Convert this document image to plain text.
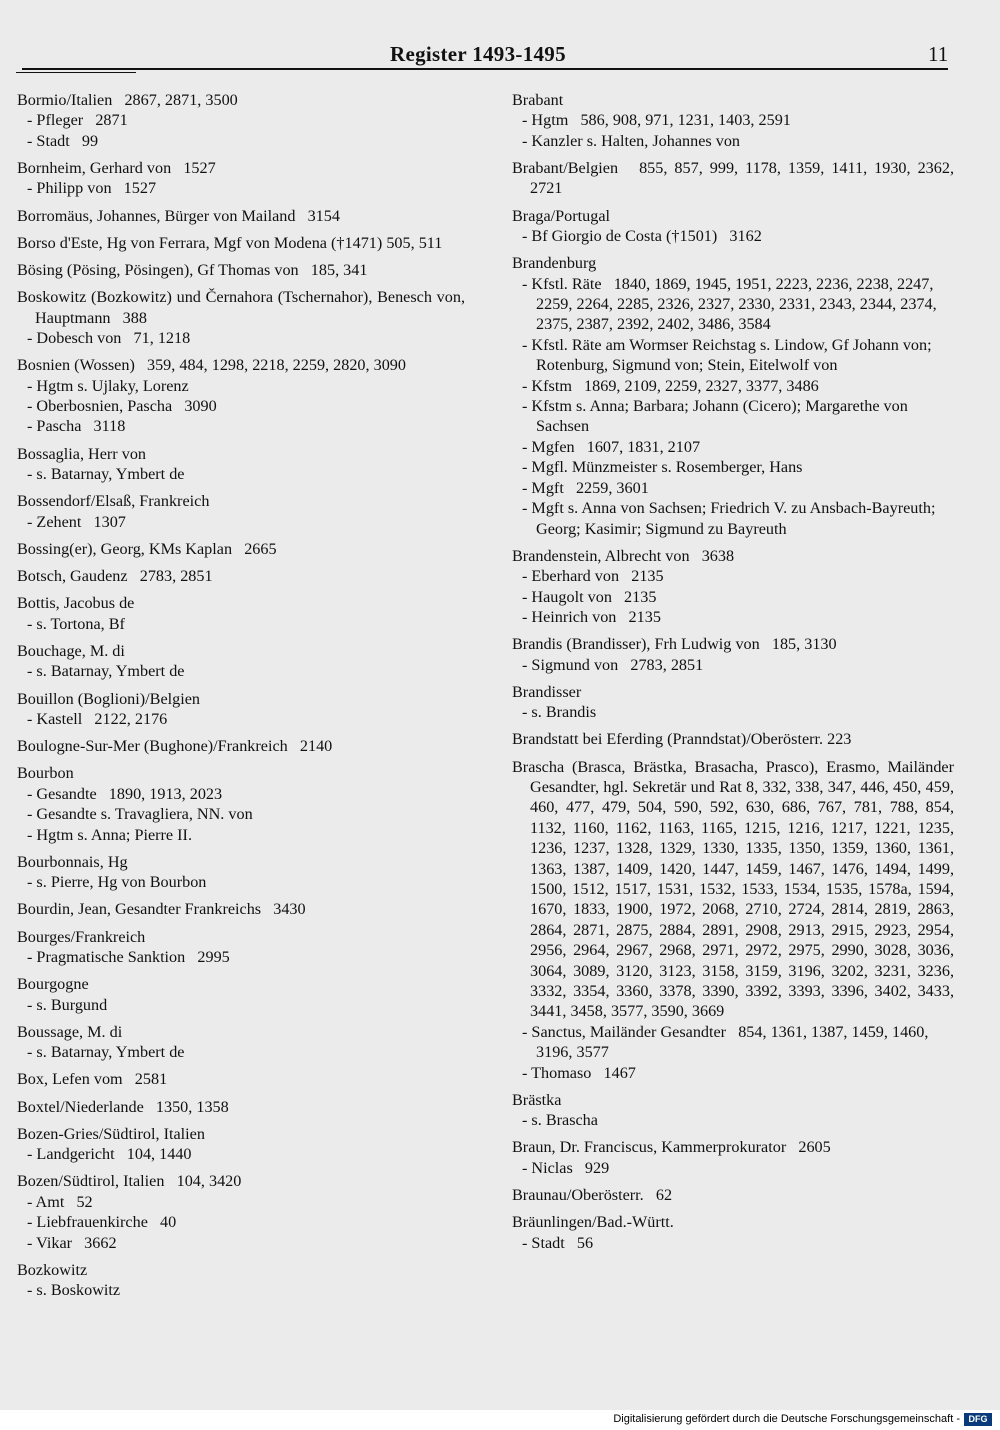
Register 1493-1495	11
Bormio/Italien   2867, 2871, 3500
- Pfleger   2871
- Stadt   99
Bornheim, Gerhard von   1527
- Philipp von   1527
Borromäus, Johannes, Bürger von Mailand   3154
Borso d'Este, Hg von Ferrara, Mgf von Modena (†1471) 505, 511
Bösing (Pösing, Pösingen), Gf Thomas von   185, 341
Boskowitz (Bozkowitz) und Černahora (Tschernahor), Benesch von, Hauptmann   388
- Dobesch von   71, 1218
Bosnien (Wossen)   359, 484, 1298, 2218, 2259, 2820, 3090
- Hgtm s. Ujlaky, Lorenz
- Oberbosnien, Pascha   3090
- Pascha   3118
Bossaglia, Herr von
- s. Batarnay, Ymbert de
Bossendorf/Elsaß, Frankreich
- Zehent   1307
Bossing(er), Georg, KMs Kaplan   2665
Botsch, Gaudenz   2783, 2851
Bottis, Jacobus de
- s. Tortona, Bf
Bouchage, M. di
- s. Batarnay, Ymbert de
Bouillon (Boglioni)/Belgien
- Kastell   2122, 2176
Boulogne-Sur-Mer (Bughone)/Frankreich   2140
Bourbon
- Gesandte   1890, 1913, 2023
- Gesandte s. Travagliera, NN. von
- Hgtm s. Anna; Pierre II.
Bourbonnais, Hg
- s. Pierre, Hg von Bourbon
Bourdin, Jean, Gesandter Frankreichs   3430
Bourges/Frankreich
- Pragmatische Sanktion   2995
Bourgogne
- s. Burgund
Boussage, M. di
- s. Batarnay, Ymbert de
Box, Lefen vom   2581
Boxtel/Niederlande   1350, 1358
Bozen-Gries/Südtirol, Italien
- Landgericht   104, 1440
Bozen/Südtirol, Italien   104, 3420
- Amt   52
- Liebfrauenkirche   40
- Vikar   3662
Bozkowitz
- s. Boskowitz
Brabant
- Hgtm   586, 908, 971, 1231, 1403, 2591
- Kanzler s. Halten, Johannes von
Brabant/Belgien   855, 857, 999, 1178, 1359, 1411, 1930, 2362, 2721
Braga/Portugal
- Bf Giorgio de Costa (†1501)   3162
Brandenburg
- Kfstl. Räte   1840, 1869, 1945, 1951, 2223, 2236, 2238, 2247, 2259, 2264, 2285, 2326, 2327, 2330, 2331, 2343, 2344, 2374, 2375, 2387, 2392, 2402, 3486, 3584
- Kfstl. Räte am Wormser Reichstag s. Lindow, Gf Johann von; Rotenburg, Sigmund von; Stein, Eitelwolf von
- Kfstm   1869, 2109, 2259, 2327, 3377, 3486
- Kfstm s. Anna; Barbara; Johann (Cicero); Margarethe von Sachsen
- Mgfen   1607, 1831, 2107
- Mgfl. Münzmeister s. Rosemberger, Hans
- Mgft   2259, 3601
- Mgft s. Anna von Sachsen; Friedrich V. zu Ansbach-Bayreuth; Georg; Kasimir; Sigmund zu Bayreuth
Brandenstein, Albrecht von   3638
- Eberhard von   2135
- Haugolt von   2135
- Heinrich von   2135
Brandis (Brandisser), Frh Ludwig von   185, 3130
- Sigmund von   2783, 2851
Brandisser
- s. Brandis
Brandstatt bei Eferding (Pranndstat)/Oberösterr. 223
Brascha (Brasca, Brästka, Brasacha, Prasco), Erasmo, Mailänder Gesandter, hgl. Sekretär und Rat 8, 332, 338, 347, 446, 450, 459, 460, 477, 479, 504, 590, 592, 630, 686, 767, 781, 788, 854, 1132, 1160, 1162, 1163, 1165, 1215, 1216, 1217, 1221, 1235, 1236, 1237, 1328, 1329, 1330, 1335, 1350, 1359, 1360, 1361, 1363, 1387, 1409, 1420, 1447, 1459, 1467, 1476, 1494, 1499, 1500, 1512, 1517, 1531, 1532, 1533, 1534, 1535, 1578a, 1594, 1670, 1833, 1900, 1972, 2068, 2710, 2724, 2814, 2819, 2863, 2864, 2871, 2875, 2884, 2891, 2908, 2913, 2915, 2923, 2954, 2956, 2964, 2967, 2968, 2971, 2972, 2975, 2990, 3028, 3036, 3064, 3089, 3120, 3123, 3158, 3159, 3196, 3202, 3231, 3236, 3332, 3354, 3360, 3378, 3390, 3392, 3393, 3396, 3402, 3433, 3441, 3458, 3577, 3590, 3669
- Sanctus, Mailänder Gesandter   854, 1361, 1387, 1459, 1460, 3196, 3577
- Thomaso   1467
Brästka
- s. Brascha
Braun, Dr. Franciscus, Kammerprokurator   2605
- Niclas   929
Braunau/Oberösterr.   62
Bräunlingen/Bad.-Württ.
- Stadt   56
Digitalisierung gefördert durch die Deutsche Forschungsgemeinschaft - DFG
